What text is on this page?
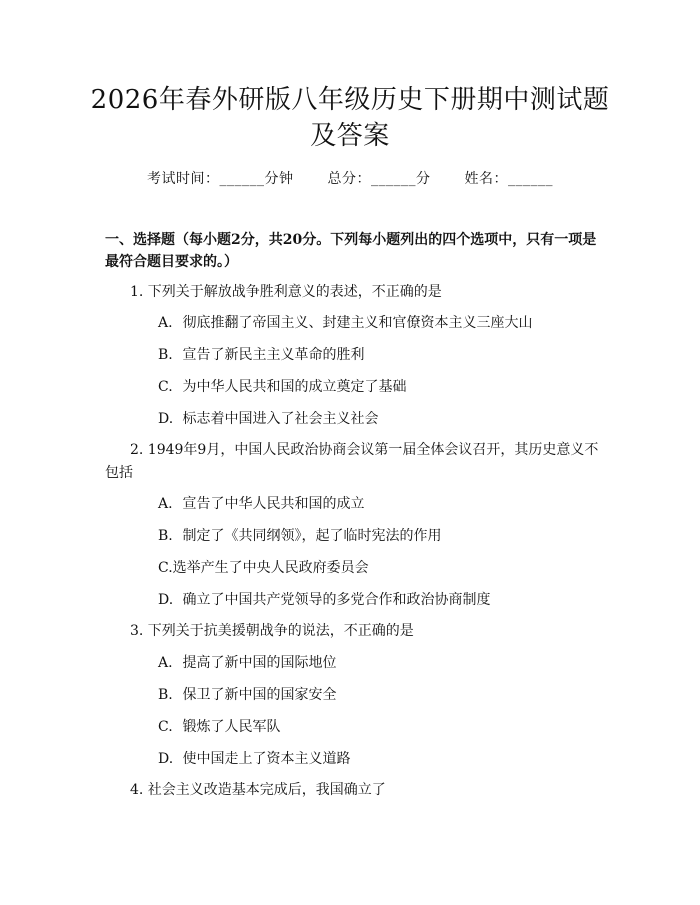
2026年春外研版八年级历史下册期中测试题
及答案
考试时间：______分钟 总分：______分 姓名：______
一、选择题（每小题2分，共20分。下列每小题列出的四个选项中，只有一项是
最符合题目要求的。）
1. 下列关于解放战争胜利意义的表述，不正确的是
A. 彻底推翻了帝国主义、封建主义和官僚资本主义三座大山
B. 宣告了新民主主义革命的胜利
C. 为中华人民共和国的成立奠定了基础
D. 标志着中国进入了社会主义社会
2. 1949年9月，中国人民政治协商会议第一届全体会议召开，其历史意义不
包括
A. 宣告了中华人民共和国的成立
B. 制定了《共同纲领》，起了临时宪法的作用
C.选举产生了中央人民政府委员会
D. 确立了中国共产党领导的多党合作和政治协商制度
3. 下列关于抗美援朝战争的说法，不正确的是
A. 提高了新中国的国际地位
B. 保卫了新中国的国家安全
C. 锻炼了人民军队
D. 使中国走上了资本主义道路
4. 社会主义改造基本完成后，我国确立了
